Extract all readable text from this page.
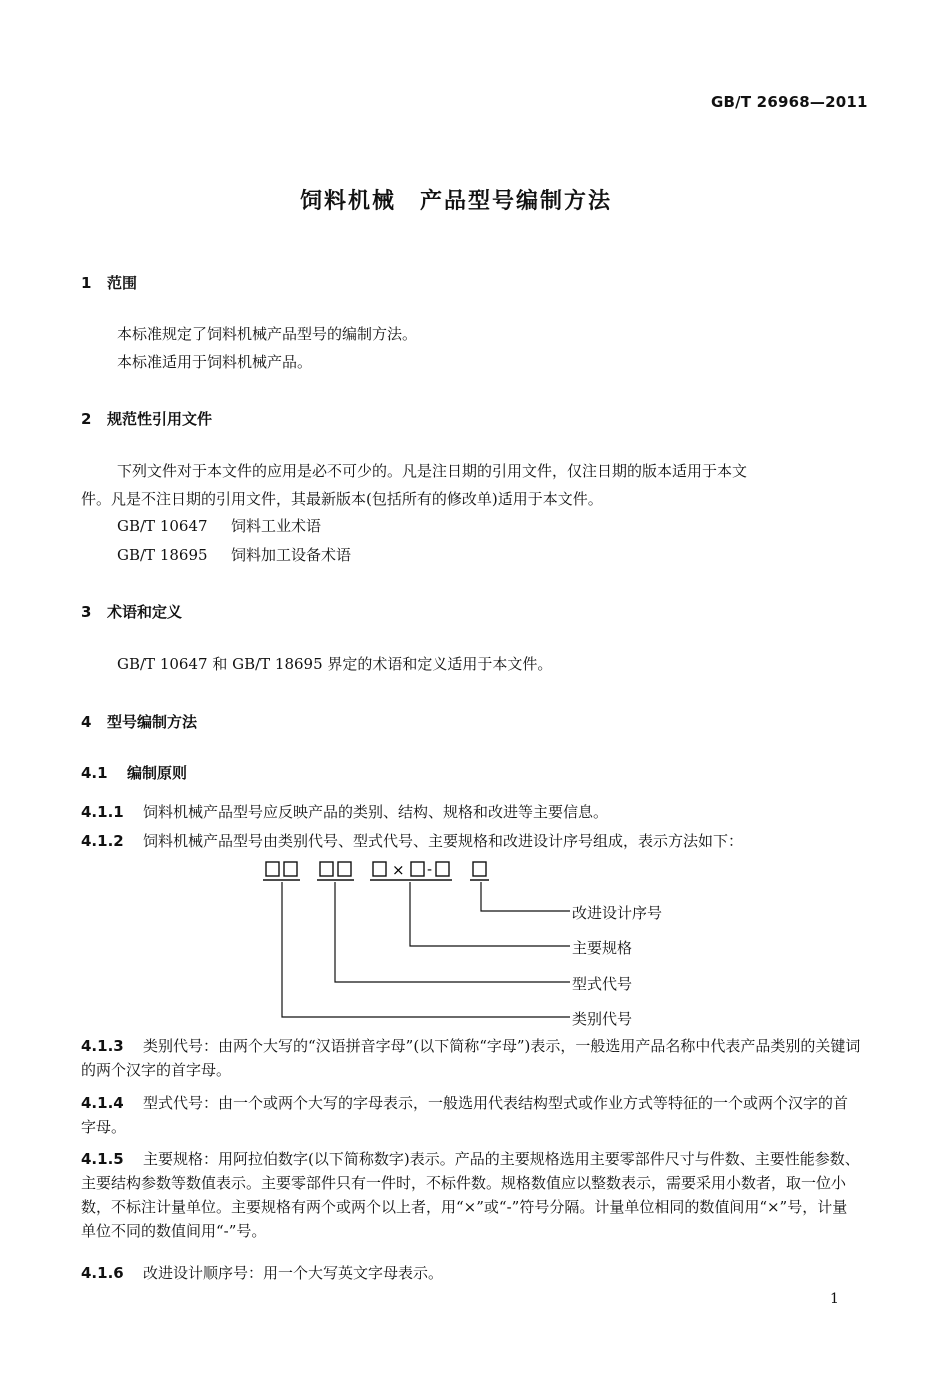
GB/T 26968—2011
饲料机械　产品型号编制方法
1 范围
本标准规定了饲料机械产品型号的编制方法。
本标准适用于饲料机械产品。
2 规范性引用文件
下列文件对于本文件的应用是必不可少的。凡是注日期的引用文件，仅注日期的版本适用于本文
件。凡是不注日期的引用文件，其最新版本(包括所有的修改单)适用于本文件。
GB/T 10647 饲料工业术语
GB/T 18695 饲料加工设备术语
3 术语和定义
GB/T 10647 和 GB/T 18695 界定的术语和定义适用于本文件。
4 型号编制方法
4.1 编制原则
4.1.1 饲料机械产品型号应反映产品的类别、结构、规格和改进等主要信息。
4.1.2 饲料机械产品型号由类别代号、型式代号、主要规格和改进设计序号组成，表示方法如下：
× -
改进设计序号
主要规格
型式代号
类别代号
4.1.3 类别代号：由两个大写的“汉语拼音字母”(以下简称“字母”)表示，一般选用产品名称中代表产品类别的关键词的两个汉字的首字母。
4.1.4 型式代号：由一个或两个大写的字母表示，一般选用代表结构型式或作业方式等特征的一个或两个汉字的首字母。
4.1.5 主要规格：用阿拉伯数字(以下简称数字)表示。产品的主要规格选用主要零部件尺寸与件数、主要性能参数、主要结构参数等数值表示。主要零部件只有一件时，不标件数。规格数值应以整数表示，需要采用小数者，取一位小数，不标注计量单位。主要规格有两个或两个以上者，用“×”或“-”符号分隔。计量单位相同的数值间用“×”号，计量单位不同的数值间用“-”号。
4.1.6 改进设计顺序号：用一个大写英文字母表示。
1
